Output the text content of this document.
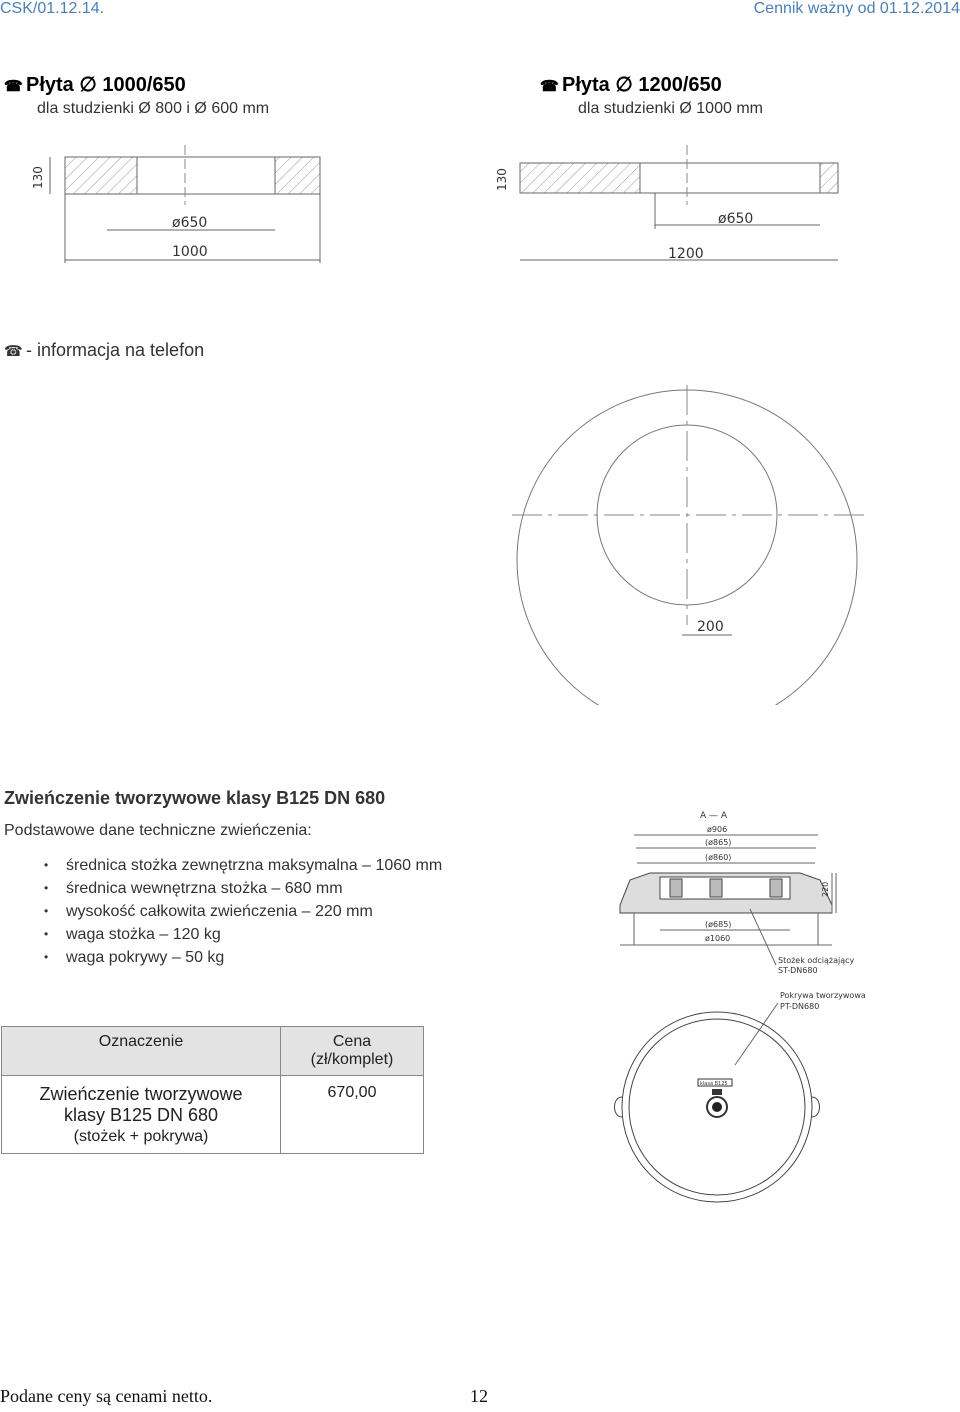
CSK/01.12.14.	Cennik ważny od 01.12.2014
☎ Płyta ∅ 1000/650
dla studzienki Ø 800 i Ø 600 mm
☎ Płyta ∅ 1200/650
dla studzienki Ø 1000 mm
130
ø650
1000
130
ø650
1200
☎ - informacja na telefon
200
Zwieńczenie tworzywowe klasy B125 DN 680
Podstawowe dane techniczne zwieńczenia:
• średnica stożka zewnętrzna maksymalna – 1060 mm
• średnica wewnętrzna stożka – 680 mm
• wysokość całkowita zwieńczenia – 220 mm
• waga stożka – 120 kg
• waga pokrywy – 50 kg
A — A
ø906
(ø865)
(ø860)
(ø685)
ø1060
220
Stożek odciążający
ST-DN680
Pokrywa tworzywowa
PT-DN680
klasa B125
Oznaczenie	Cena
(zł/komplet)

Zwieńczenie tworzywowe
klasy B125 DN 680
(stożek + pokrywa)	670,00
Podane ceny są cenami netto.	12
